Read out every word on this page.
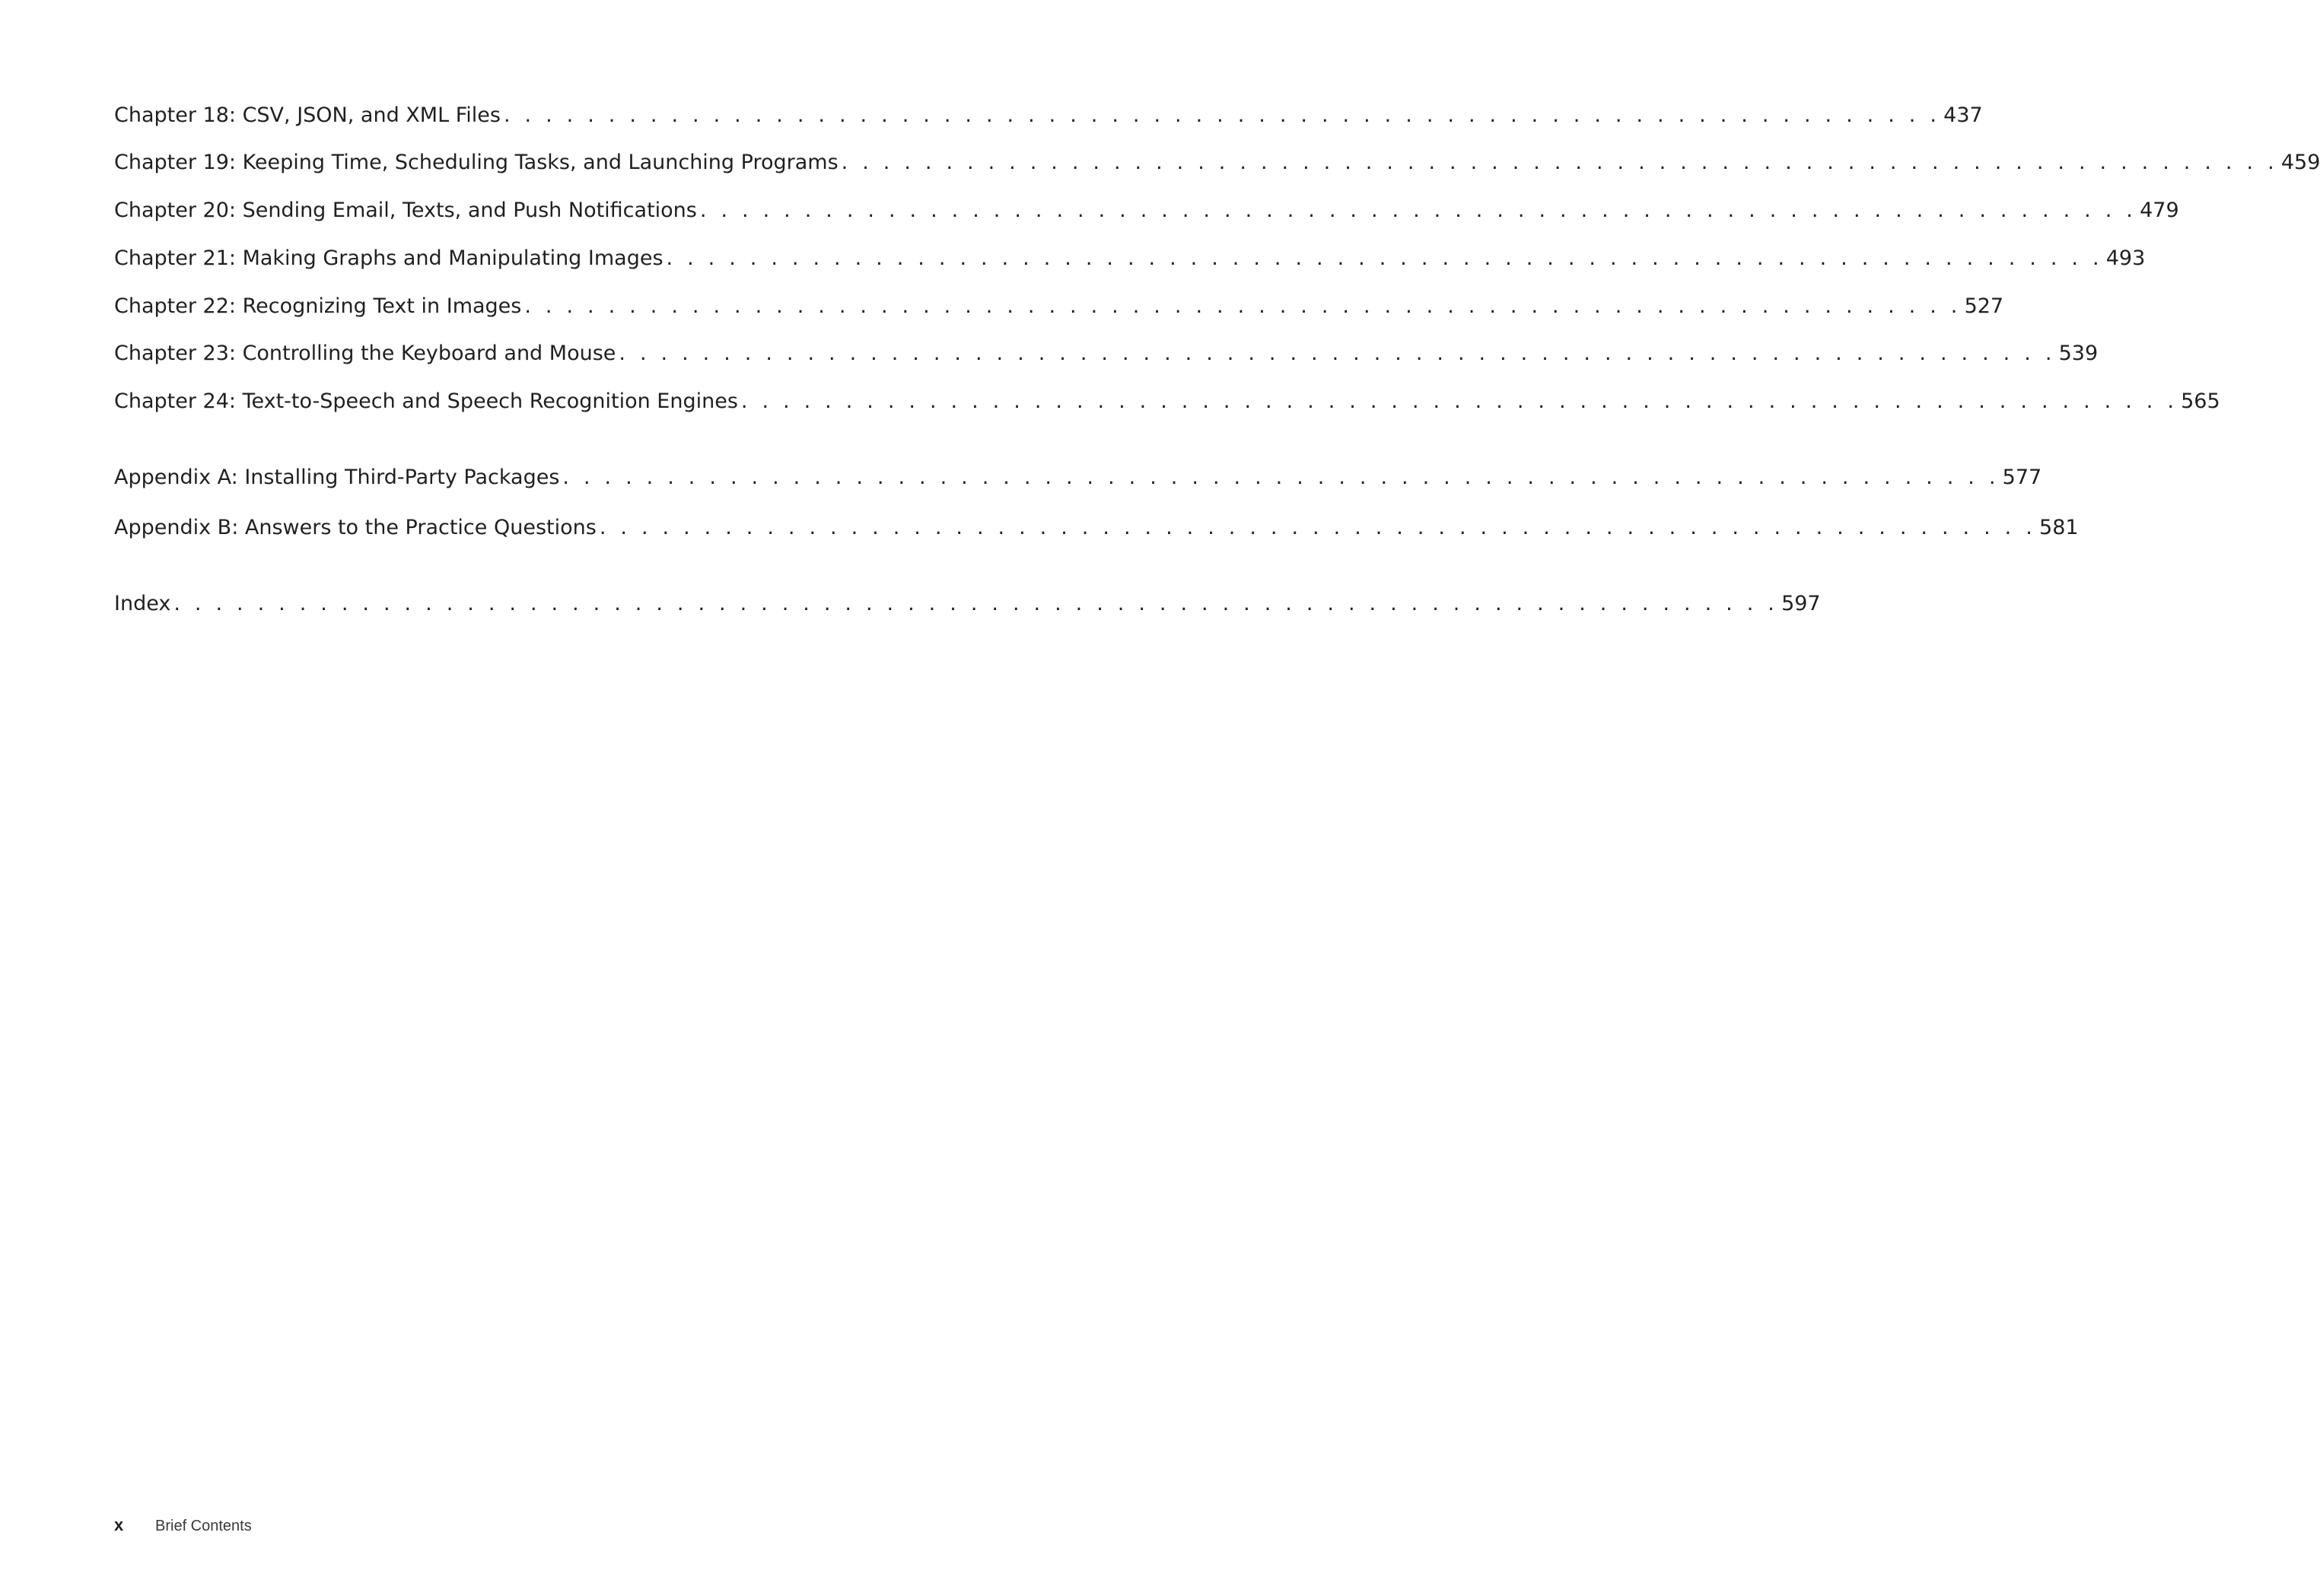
Chapter 18: CSV, JSON, and XML Files . . . . . . . . . . . . . . . . . . . . . . . . . . . . . . . . . . . . . . . . . . . . . . . . . . . . . . . . . . . . . . . . . . . . . 437
Chapter 19: Keeping Time, Scheduling Tasks, and Launching Programs . . . . . . . . . . . . . . . . . . . . . . . . . . . . . . . . . . . . . . . . . . . . . . . . . . . . . . . . . . . . . . . . . . . . . 459
Chapter 20: Sending Email, Texts, and Push Notifications . . . . . . . . . . . . . . . . . . . . . . . . . . . . . . . . . . . . . . . . . . . . . . . . . . . . . . . . . . . . . . . . . . . . . 479
Chapter 21: Making Graphs and Manipulating Images . . . . . . . . . . . . . . . . . . . . . . . . . . . . . . . . . . . . . . . . . . . . . . . . . . . . . . . . . . . . . . . . . . . . . 493
Chapter 22: Recognizing Text in Images . . . . . . . . . . . . . . . . . . . . . . . . . . . . . . . . . . . . . . . . . . . . . . . . . . . . . . . . . . . . . . . . . . . . . 527
Chapter 23: Controlling the Keyboard and Mouse . . . . . . . . . . . . . . . . . . . . . . . . . . . . . . . . . . . . . . . . . . . . . . . . . . . . . . . . . . . . . . . . . . . . . 539
Chapter 24: Text-to-Speech and Speech Recognition Engines . . . . . . . . . . . . . . . . . . . . . . . . . . . . . . . . . . . . . . . . . . . . . . . . . . . . . . . . . . . . . . . . . . . . . 565
Appendix A: Installing Third-Party Packages . . . . . . . . . . . . . . . . . . . . . . . . . . . . . . . . . . . . . . . . . . . . . . . . . . . . . . . . . . . . . . . . . . . . . 577
Appendix B: Answers to the Practice Questions . . . . . . . . . . . . . . . . . . . . . . . . . . . . . . . . . . . . . . . . . . . . . . . . . . . . . . . . . . . . . . . . . . . . . 581
Index . . . . . . . . . . . . . . . . . . . . . . . . . . . . . . . . . . . . . . . . . . . . . . . . . . . . . . . . . . . . . . . . . . . . . . . . . . . . . 597
x	Brief Contents
